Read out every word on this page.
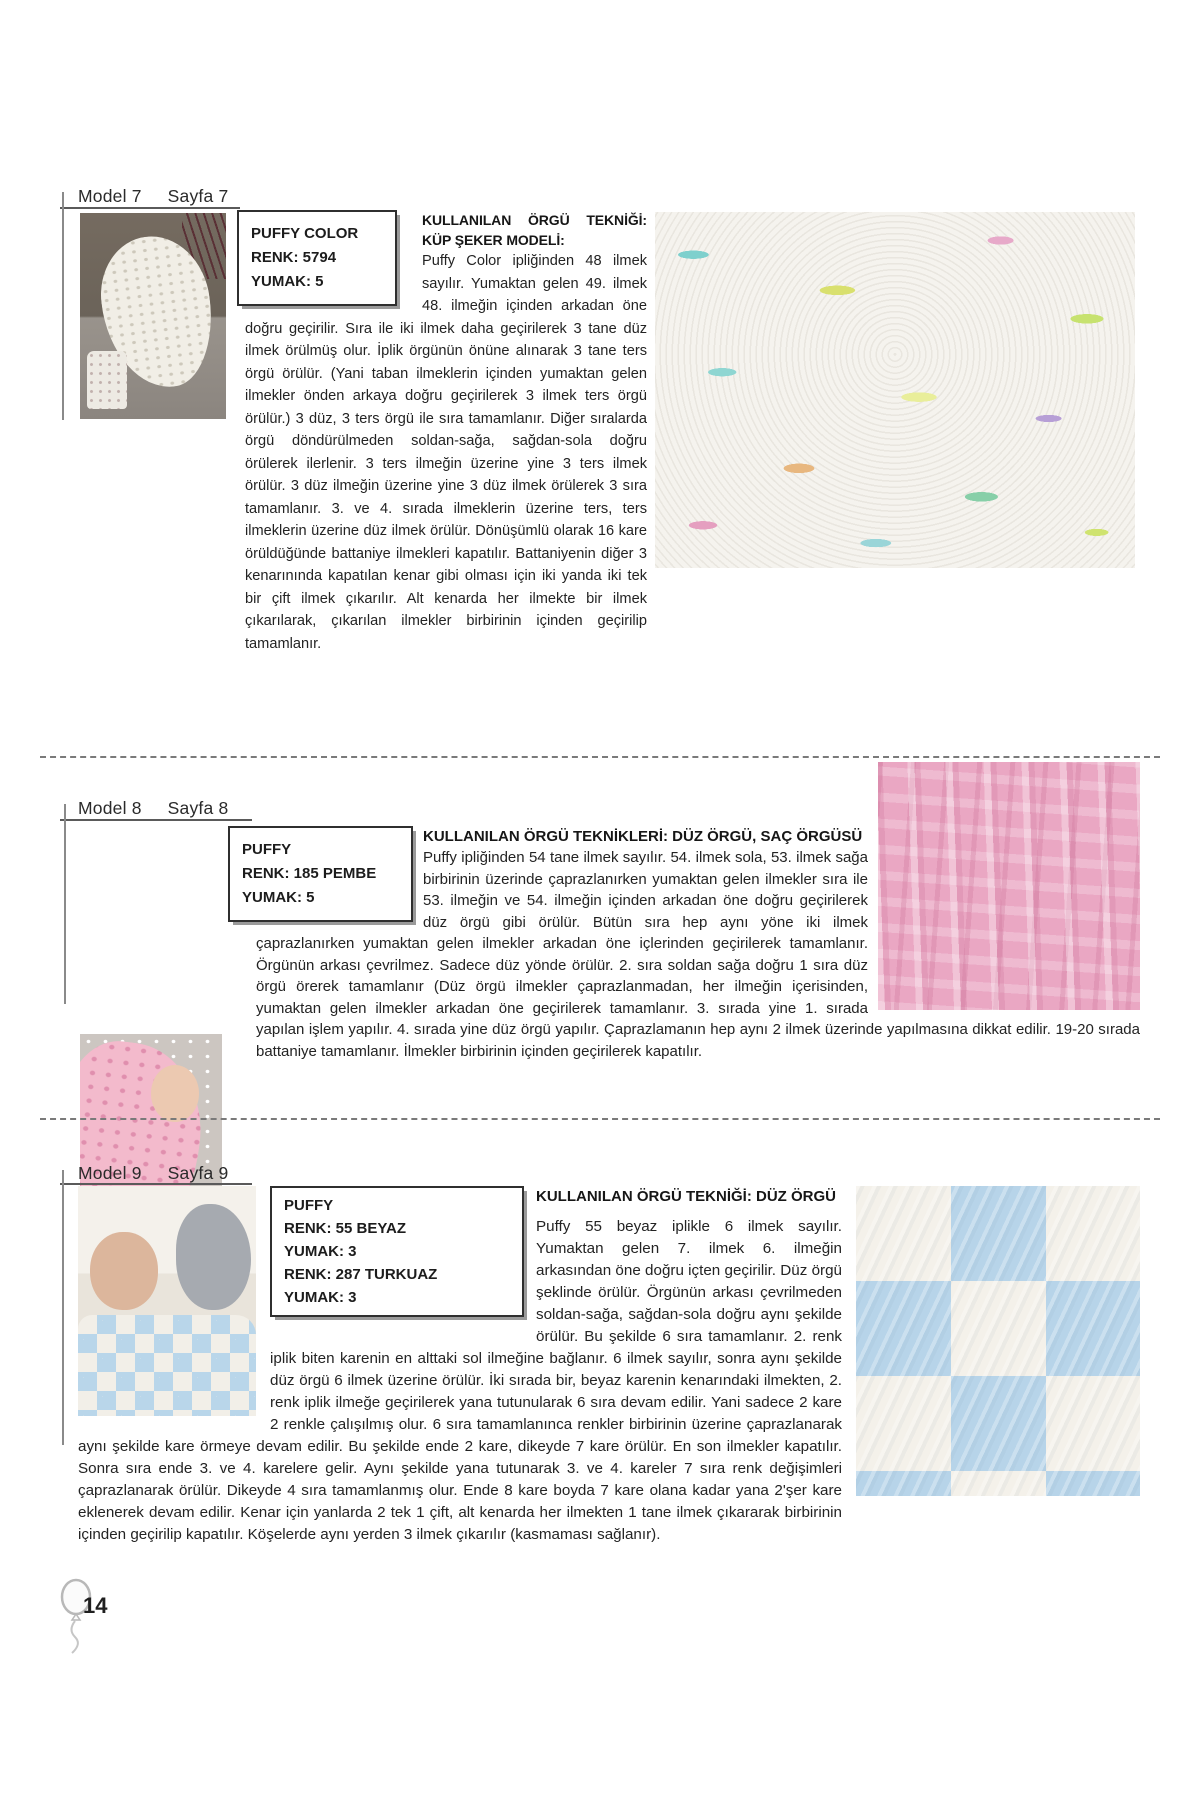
Model 7 Sayfa 7
PUFFY COLOR
RENK: 5794
YUMAK: 5
KULLANILAN ÖRGÜ TEKNİĞİ: KÜP ŞEKER MODELİ:

Puffy Color ipliğinden 48 ilmek sayılır. Yumaktan gelen 49. ilmek 48. ilmeğin içinden arkadan öne doğru geçirilir. Sıra ile iki ilmek daha geçirilerek 3 tane düz ilmek örülmüş olur. İplik örgünün önüne alınarak 3 tane ters örgü örülür. (Yani taban ilmeklerin içinden yumaktan gelen ilmekler önden arkaya doğru geçirilerek 3 ilmek ters örgü örülür.) 3 düz, 3 ters örgü ile sıra tamamlanır. Diğer sıralarda örgü döndürülmeden soldan-sağa, sağdan-sola doğru örülerek ilerlenir. 3 ters ilmeğin üzerine yine 3 ters ilmek örülür. 3 düz ilmeğin üzerine yine 3 düz ilmek örülerek 3 sıra tamamlanır. 3. ve 4. sırada ilmeklerin üzerine ters, ters ilmeklerin üzerine düz ilmek örülür. Dönüşümlü olarak 16 kare örüldüğünde battaniye ilmekleri kapatılır. Battaniyenin diğer 3 kenarınında kapatılan kenar gibi olması için iki yanda iki tek bir çift ilmek çıkarılır. Alt kenarda her ilmekte bir ilmek çıkarılarak, çıkarılan ilmekler birbirinin içinden geçirilip tamamlanır.

Model 8 Sayfa 8
PUFFY
RENK: 185 PEMBE
YUMAK: 5
KULLANILAN ÖRGÜ TEKNİKLERİ: DÜZ ÖRGÜ, SAÇ ÖRGÜSÜ

Puffy ipliğinden 54 tane ilmek sayılır. 54. ilmek sola, 53. ilmek sağa birbirinin üzerinde çaprazlanırken yumaktan gelen ilmekler sıra ile 53. ilmeğin ve 54. ilmeğin içinden arkadan öne doğru geçirilerek düz örgü gibi örülür. Bütün sıra hep aynı yöne iki ilmek çaprazlanırken yumaktan gelen ilmekler arkadan öne içlerinden geçirilerek tamamlanır. Örgünün arkası çevrilmez. Sadece düz yönde örülür. 2. sıra soldan sağa doğru 1 sıra düz örgü örerek tamamlanır (Düz örgü ilmekler çaprazlanmadan, her ilmeğin içerisinden, yumaktan gelen ilmekler arkadan öne geçirilerek tamamlanır. 3. sırada yine 1. sırada yapılan işlem yapılır. 4. sırada yine düz örgü yapılır. Çaprazlamanın hep aynı 2 ilmek üzerinde yapılmasına dikkat edilir. 19-20 sırada battaniye tamamlanır. İlmekler birbirinin içinden geçirilerek kapatılır.

Model 9 Sayfa 9
PUFFY
RENK: 55 BEYAZ
YUMAK: 3
RENK: 287 TURKUAZ
YUMAK: 3
KULLANILAN ÖRGÜ TEKNİĞİ: DÜZ ÖRGÜ

Puffy 55 beyaz iplikle 6 ilmek sayılır. Yumaktan gelen 7. ilmek 6. ilmeğin arkasından öne doğru içten geçirilir. Düz örgü şeklinde örülür. Örgünün arkası çevrilmeden soldan-sağa, sağdan-sola doğru aynı şekilde örülür. Bu şekilde 6 sıra tamamlanır. 2. renk iplik biten karenin en alttaki sol ilmeğine bağlanır. 6 ilmek sayılır, sonra aynı şekilde düz örgü 6 ilmek üzerine örülür. İki sırada bir, beyaz karenin kenarındaki ilmekten, 2. renk iplik ilmeğe geçirilerek yana tutunularak 6 sıra devam edilir. Yani sadece 2 kare 2 renkle çalışılmış olur. 6 sıra tamamlanınca renkler birbirinin üzerine çaprazlanarak aynı şekilde kare örmeye devam edilir. Bu şekilde ende 2 kare, dikeyde 7 kare örülür. En son ilmekler kapatılır. Sonra sıra ende 3. ve 4. karelere gelir. Aynı şekilde yana tutunarak 3. ve 4. kareler 7 sıra renk değişimleri çaprazlanarak örülür. Dikeyde 4 sıra tamamlanmış olur. Ende 8 kare boyda 7 kare olana kadar yana 2'şer kare eklenerek devam edilir. Kenar için yanlarda 2 tek 1 çift, alt kenarda her ilmekten 1 tane ilmek çıkararak birbirinin içinden geçirilip kapatılır. Köşelerde aynı yerden 3 ilmek çıkarılır (kasmaması sağlanır).

14
